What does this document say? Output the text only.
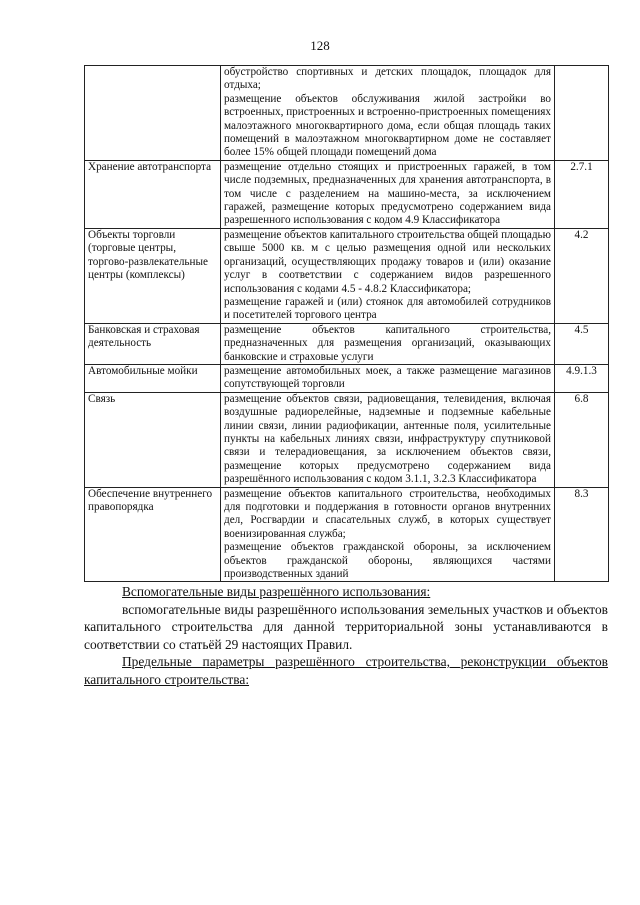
128

	обустройство спортивных и детских площадок, площадок для отдыха;

размещение объектов обслуживания жилой застройки во встроенных, пристроенных и встроенно-пристроенных помещениях малоэтажного многоквартирного дома, если общая площадь таких помещений в малоэтажном многоквартирном доме не составляет более 15% общей площади помещений дома	

Хранение автотранспорта	размещение отдельно стоящих и пристроенных гаражей, в том числе подземных, предназначенных для хранения автотранспорта, в том числе с разделением на машино-места, за исключением гаражей, размещение которых предусмотрено содержанием вида разрешенного использования с кодом 4.9 Классификатора	2.7.1
Объекты торговли (торговые центры, торгово-развлекательные центры (комплексы)	размещение объектов капитального строительства общей площадью свыше 5000 кв. м с целью размещения одной или нескольких организаций, осуществляющих продажу товаров и (или) оказание услуг в соответствии с содержанием видов разрешенного использования с кодами 4.5 - 4.8.2 Классификатора;

размещение гаражей и (или) стоянок для автомобилей сотрудников и посетителей торгового центра	4.2
Банковская и страховая деятельность	размещение объектов капитального строительства, предназначенных для размещения организаций, оказывающих банковские и страховые услуги	4.5
Автомобильные мойки	размещение автомобильных моек, а также размещение магазинов сопутствующей торговли	4.9.1.3
Связь	размещение объектов связи, радиовещания, телевидения, включая воздушные радиорелейные, надземные и подземные кабельные линии связи, линии радиофикации, антенные поля, усилительные пункты на кабельных линиях связи, инфраструктуру спутниковой связи и телерадиовещания, за исключением объектов связи, размещение которых предусмотрено содержанием вида разрешённого использования с кодом 3.1.1, 3.2.3 Классификатора	6.8
Обеспечение внутреннего правопорядка	размещение объектов капитального строительства, необходимых для подготовки и поддержания в готовности органов внутренних дел, Росгвардии и спасательных служб, в которых существует военизированная служба;

размещение объектов гражданской обороны, за исключением объектов гражданской обороны, являющихся частями производственных зданий	8.3

Вспомогательные виды разрешённого использования:

вспомогательные виды разрешённого использования земельных участков и объектов капитального строительства для данной территориальной зоны устанавливаются в соответствии со статьёй 29 настоящих Правил.

Предельные параметры разрешённого строительства, реконструкции объектов капитального строительства:
